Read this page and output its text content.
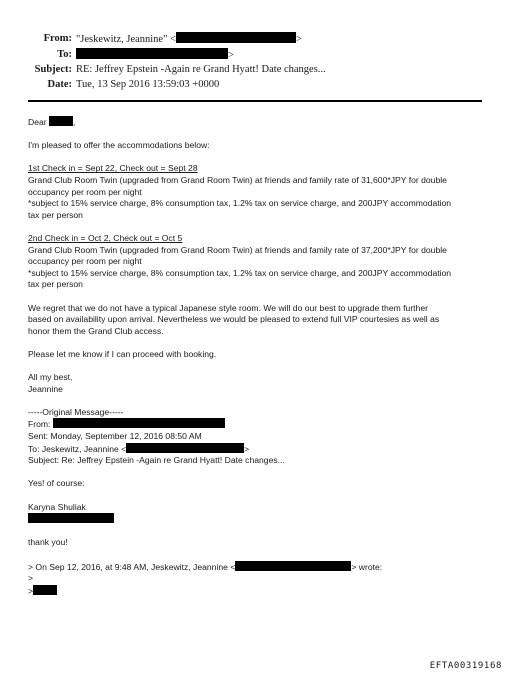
From: "Jeskewitz, Jeannine" <	>
To:	>
Subject: RE: Jeffrey Epstein -Again re Grand Hyatt! Date changes...
Date: Tue, 13 Sep 2016 13:59:03 +0000

Dear	,

I'm pleased to offer the accommodations below:

1st Check in = Sept 22, Check out = Sept 28

Grand Club Room Twin (upgraded from Grand Room Twin) at friends and family rate of 31,600*JPY for double

occupancy per room per night

*subject to 15% service charge, 8% consumption tax, 1.2% tax on service charge, and 200JPY accommodation

tax per person

2nd Check in = Oct 2, Check out = Oct 5

Grand Club Room Twin (upgraded from Grand Room Twin) at friends and family rate of 37,200*JPY for double

occupancy per room per night

*subject to 15% service charge, 8% consumption tax, 1.2% tax on service charge, and 200JPY accommodation

tax per person

We regret that we do not have a typical Japanese style room. We will do our best to upgrade them further

based on availability upon arrival. Nevertheless we would be pleased to extend full VIP courtesies as well as

honor them the Grand Club access.

Please let me know if I can proceed with booking.

All my best,

Jeannine

-----Original Message-----

From:

Sent: Monday, September 12, 2016 08:50 AM

To: Jeskewitz, Jeannine <	>

Subject: Re: Jeffrey Epstein -Again re Grand Hyatt! Date changes...

Yes! of course:

Karyna Shuliak

thank you!

> On Sep 12, 2016, at 9:48 AM, Jeskewitz, Jeannine <	> wrote:

>

>

EFTA00319168
